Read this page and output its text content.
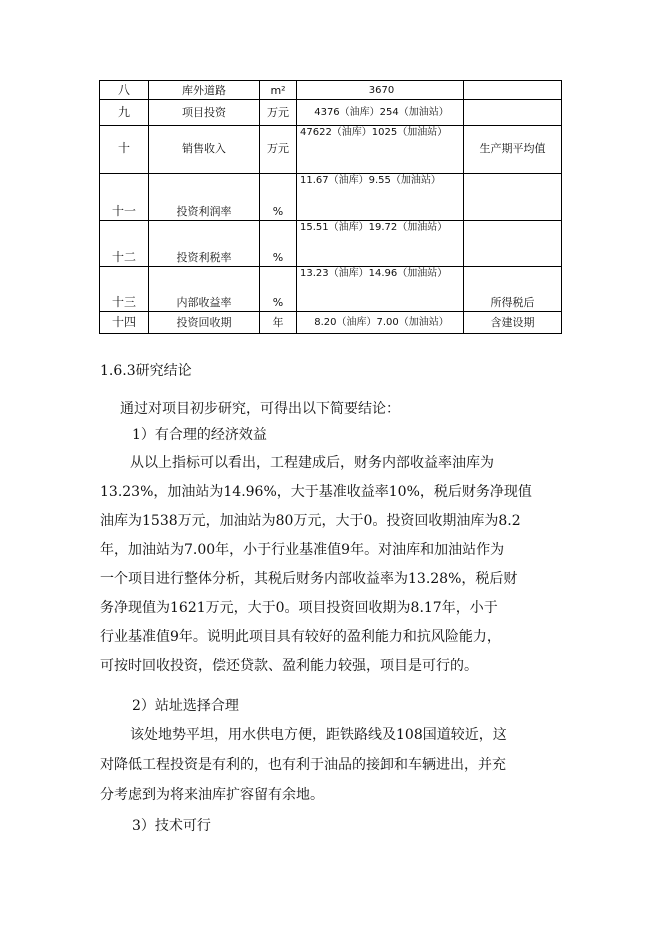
八	库外道路	m²	3670	
九	项目投资	万元	4376（油库）254（加油站）	
十	销售收入	万元	47622（油库）1025（加油站）	生产期平均值
十一	投资利润率	%	11.67（油库）9.55（加油站）	
十二	投资利税率	%	15.51（油库）19.72（加油站）	
十三	内部收益率	%	13.23（油库）14.96（加油站）	所得税后
十四	投资回收期	年	8.20（油库）7.00（加油站）	含建设期
1.6.3研究结论
通过对项目初步研究，可得出以下简要结论：
1）有合理的经济效益
从以上指标可以看出，工程建成后，财务内部收益率油库为
13.23%，加油站为14.96%，大于基准收益率10%，税后财务净现值
油库为1538万元，加油站为80万元，大于0。投资回收期油库为8.2
年，加油站为7.00年，小于行业基准值9年。对油库和加油站作为
一个项目进行整体分析，其税后财务内部收益率为13.28%，税后财
务净现值为1621万元，大于0。项目投资回收期为8.17年，小于
行业基准值9年。说明此项目具有较好的盈利能力和抗风险能力，
可按时回收投资，偿还贷款、盈利能力较强，项目是可行的。
2）站址选择合理
该处地势平坦，用水供电方便，距铁路线及108国道较近，这
对降低工程投资是有利的，也有利于油品的接卸和车辆进出，并充
分考虑到为将来油库扩容留有余地。
3）技术可行
